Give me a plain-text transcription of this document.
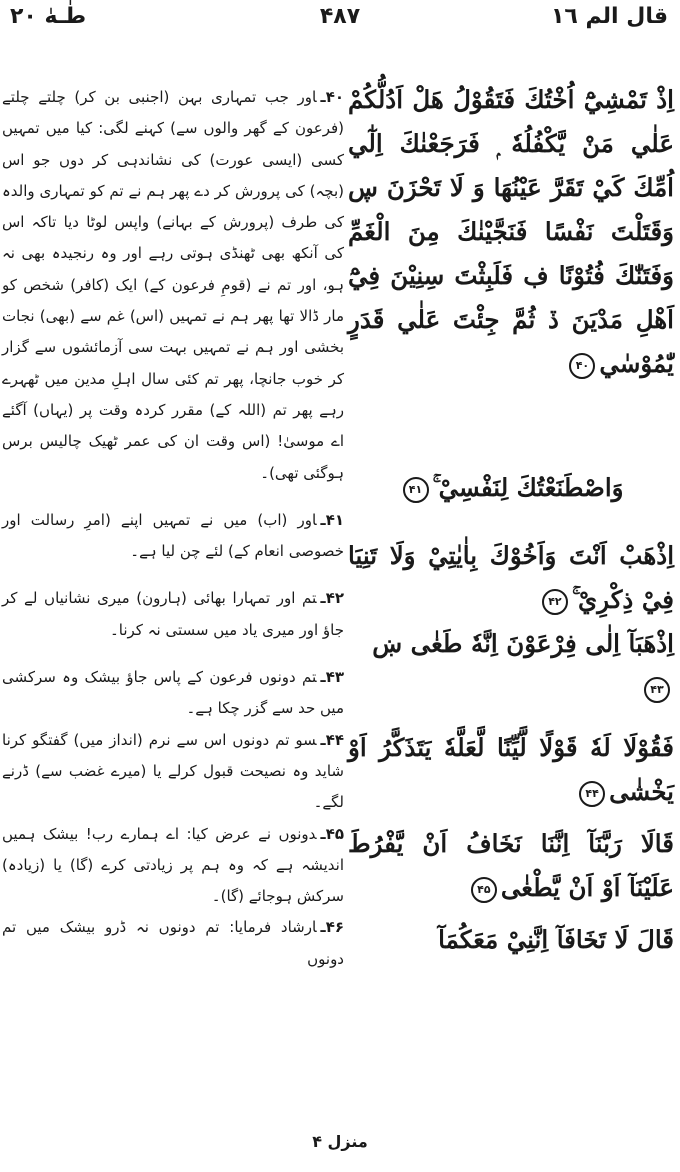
طٰـهٰ ٢٠	۴۸۷	قال الم ١٦

۴۰ـاور جب تمہاری بہن (اجنبی بن کر) چلتے چلتے (فرعون کے گھر والوں سے) کہنے لگی: کیا میں تمہیں کسی (ایسی عورت) کی نشاندہی کر دوں جو اس (بچہ) کی پرورش کر دے پھر ہم نے تم کو تمہاری والدہ کی طرف (پرورش کے بہانے) واپس لوٹا دیا تاکہ اس کی آنکھ بھی ٹھنڈی ہوتی رہے اور وہ رنجیدہ بھی نہ ہو، اور تم نے (قومِ فرعون کے) ایک (کافر) شخص کو مار ڈالا تھا پھر ہم نے تمہیں (اس) غم سے (بھی) نجات بخشی اور ہم نے تمہیں بہت سی آزمائشوں سے گزار کر خوب جانچا، پھر تم کئی سال اہلِ مدین میں ٹھہرے رہے پھر تم (اللہ کے) مقرر کردہ وقت پر (یہاں) آگئے اے موسیٰ! (اس وقت ان کی عمر ٹھیک چالیس برس ہوگئی تھی)۔

۴۱ـاور (اب) میں نے تمہیں اپنے (امرِ رسالت اور خصوصی انعام کے) لئے چن لیا ہے۔

۴۲ـتم اور تمہارا بھائی (ہارون) میری نشانیاں لے کر جاؤ اور میری یاد میں سستی نہ کرنا۔

۴۳ـتم دونوں فرعون کے پاس جاؤ بیشک وہ سرکشی میں حد سے گزر چکا ہے۔

۴۴ـسو تم دونوں اس سے نرم (انداز میں) گفتگو کرنا شاید وہ نصیحت قبول کرلے یا (میرے غضب سے) ڈرنے لگے۔

۴۵ـدونوں نے عرض کیا: اے ہمارے رب! بیشک ہمیں اندیشہ ہے کہ وہ ہم پر زیادتی کرے (گا) یا (زیادہ) سرکش ہوجائے (گا)۔

۴۶ـارشاد فرمایا: تم دونوں نہ ڈرو بیشک میں تم دونوں

اِذْ تَمْشِيْٓ اُخْتُكَ فَتَقُوْلُ هَلْ اَدُلُّكُمْ عَلٰي مَنْ يَّكْفُلُهٗ ۭ فَرَجَعْنٰكَ اِلٰٓي اُمِّكَ كَيْ تَقَرَّ عَيْنُهَا وَ لَا تَحْزَنَ ڛ وَقَتَلْتَ نَفْسًا فَنَجَّيْنٰكَ مِنَ الْغَمِّ وَفَتَنّٰكَ فُتُوْنًا ڣ فَلَبِثْتَ سِنِيْنَ فِيْٓ اَهْلِ مَدْيَنَ ڏ ثُمَّ جِئْتَ عَلٰي قَدَرٍ يّٰمُوْسٰي۴۰

وَاصْطَنَعْتُكَ لِنَفْسِيْ ۚ۴۱

اِذْهَبْ اَنْتَ وَاَخُوْكَ بِاٰيٰتِيْ وَلَا تَنِيَا فِيْ ذِكْرِيْ ۚ۴۲

اِذْهَبَآ اِلٰى فِرْعَوْنَ اِنَّهٗ طَغٰى ښ۴۳

فَقُوْلَا لَهٗ قَوْلًا لَّيِّنًا لَّعَلَّهٗ يَتَذَكَّرُ اَوْ يَخْشٰى۴۴

قَالَا رَبَّنَآ اِنَّنَا نَخَافُ اَنْ يَّفْرُطَ عَلَيْنَآ اَوْ اَنْ يَّطْغٰى۴۵

قَالَ لَا تَخَافَآ اِنَّنِيْ مَعَكُمَآ

منزل ۴
